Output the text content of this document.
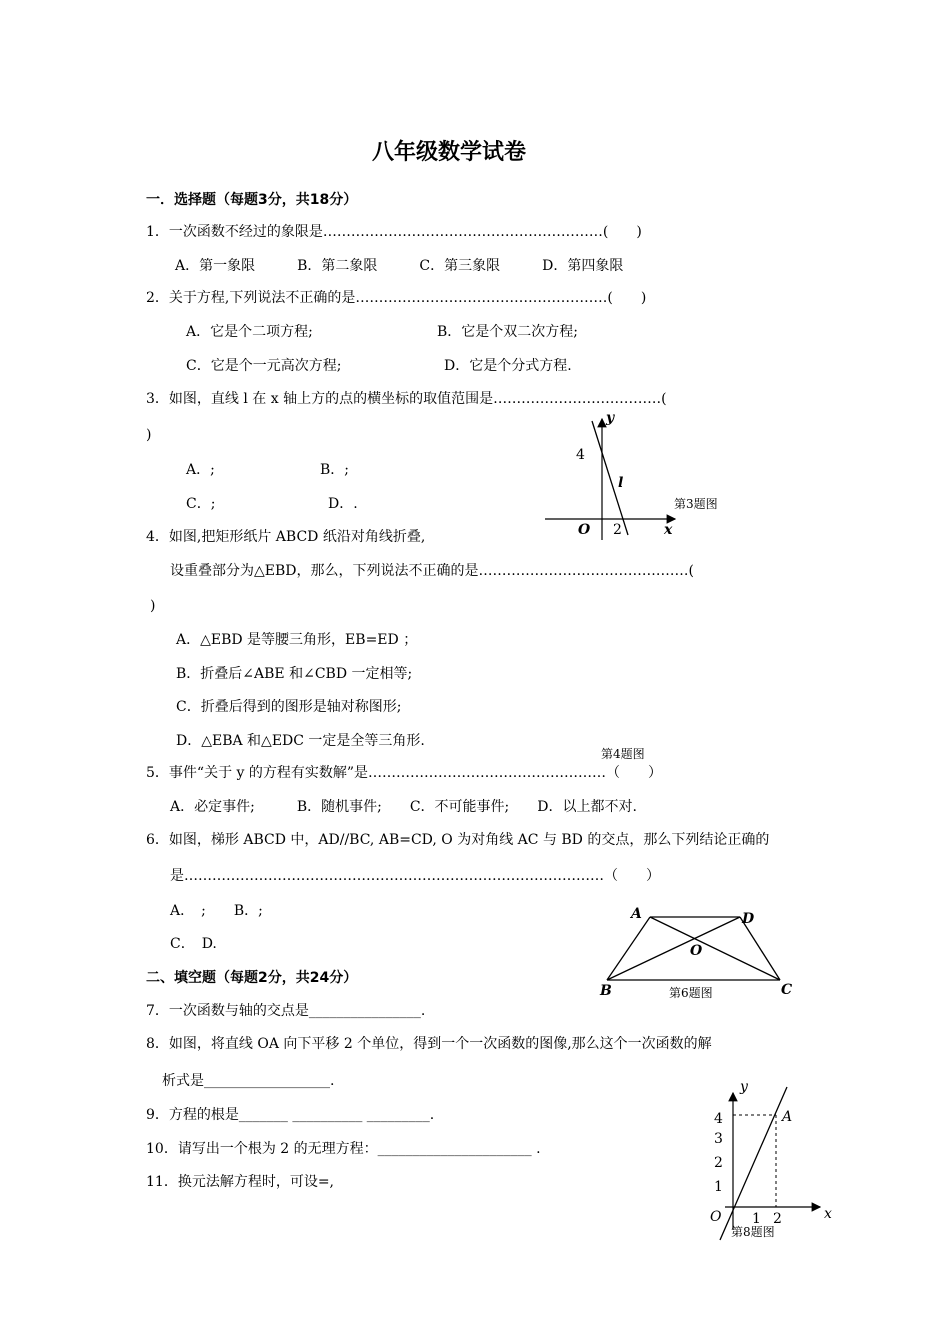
八年级数学试卷
一．选择题（每题3分，共18分）
1．一次函数不经过的象限是……………………………………………………(　　)
A．第一象限　　　B．第二象限　　　C．第三象限　　　D．第四象限
2．关于方程,下列说法不正确的是………………………………………………(　　)
A．它是个二项方程;	B．它是个双二次方程;
C．它是个一元高次方程;	D．它是个分式方程.
3．如图，直线 l 在 x 轴上方的点的横坐标的取值范围是………………………………(
)
A．;	B．;
C．;	D．.
y
4
l
O 2	x
第3题图
4．如图,把矩形纸片 ABCD 纸沿对角线折叠,
设重叠部分为△EBD，那么，下列说法不正确的是………………………………………(
)
A．△EBD 是等腰三角形，EB=ED ；
B．折叠后∠ABE 和∠CBD 一定相等;
C．折叠后得到的图形是轴对称图形;
D．△EBA 和△EDC 一定是全等三角形.
第4题图
5．事件“关于 y 的方程有实数解”是……………………………………………（　　）
A．必定事件;　　　B．随机事件;　　C．不可能事件;　　D．以上都不对.
6．如图，梯形 ABCD 中，AD//BC, AB=CD, O 为对角线 AC 与 BD 的交点，那么下列结论正确的
是………………………………………………………………………………（　　）
A．　;　　B．;
C．　D.
A	D
O
B	C
第6题图
二、填空题（每题2分，共24分）
7．一次函数与轴的交点是________________.
8．如图，将直线 OA 向下平移 2 个单位，得到一个一次函数的图像,那么这个一次函数的解
析式是__________________.	y
A
4
3
2
1
O 1 2	x
第8题图
9．方程的根是_______ __________ _________.
10．请写出一个根为 2 的无理方程：______________________ .
11．换元法解方程时，可设=,
